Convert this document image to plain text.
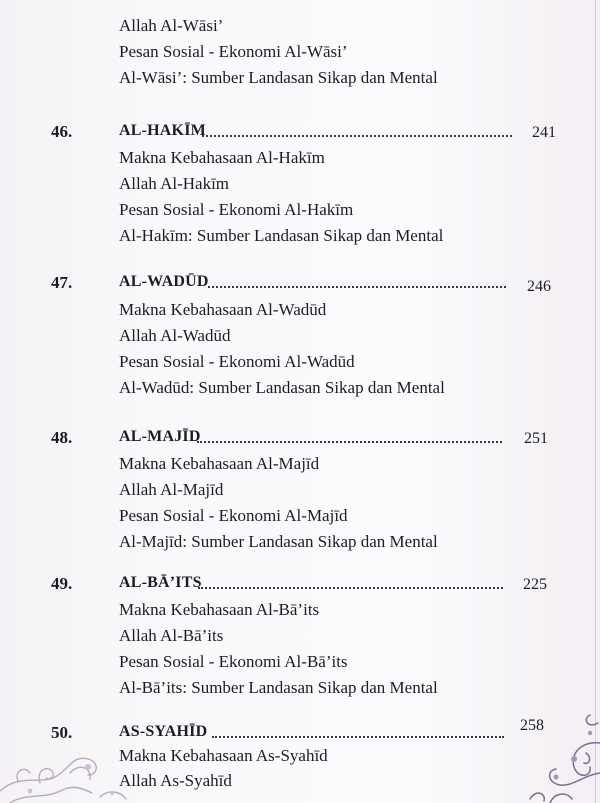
Allah Al-Wāsi’
Pesan Sosial - Ekonomi Al-Wāsi’
Al-Wāsi’: Sumber Landasan Sikap dan Mental
46.	AL-HAKĪM	241
Makna Kebahasaan Al-Hakīm
Allah Al-Hakīm
Pesan Sosial - Ekonomi Al-Hakīm
Al-Hakīm: Sumber Landasan Sikap dan Mental
47.	AL-WADŪD	246
Makna Kebahasaan Al-Wadūd
Allah Al-Wadūd
Pesan Sosial - Ekonomi Al-Wadūd
Al-Wadūd: Sumber Landasan Sikap dan Mental
48.	AL-MAJĪD	251
Makna Kebahasaan Al-Majīd
Allah Al-Majīd
Pesan Sosial - Ekonomi Al-Majīd
Al-Majīd: Sumber Landasan Sikap dan Mental
49.	AL-BĀ’ITS	225
Makna Kebahasaan Al-Bā’its
Allah Al-Bā’its
Pesan Sosial - Ekonomi Al-Bā’its
Al-Bā’its: Sumber Landasan Sikap dan Mental
50.	AS-SYAHĪD	258
Makna Kebahasaan As-Syahīd
Allah As-Syahīd
